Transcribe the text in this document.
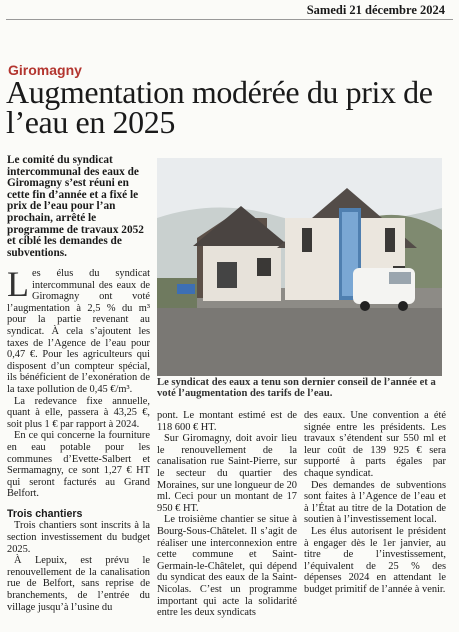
Samedi 21 décembre 2024
Giromagny
Augmentation modérée du prix de l’eau en 2025

Le comité du syndicat intercommunal des eaux de Giromagny s’est réuni en cette fin d’année et a fixé le prix de l’eau pour l’an prochain, arrêté le programme de travaux 2052 et ciblé les demandes de subventions.

Le syndicat des eaux a tenu son dernier conseil de l’année et a voté l’augmentation des tarifs de l’eau.

Les élus du syndicat intercommunal des eaux de Giromagny ont voté l’augmentation à 2,5 % du m³ pour la partie revenant au syndicat. À cela s’ajoutent les taxes de l’Agence de l’eau pour 0,47 €. Pour les agriculteurs qui disposent d’un compteur spécial, ils bénéficient de l’exonération de la taxe pollution de 0,45 €/m³.

La redevance fixe annuelle, quant à elle, passera à 43,25 €, soit plus 1 € par rapport à 2024.

En ce qui concerne la fourniture en eau potable pour les communes d’Evette-Salbert et Sermamagny, ce sont 1,27 € HT qui seront facturés au Grand Belfort.

Trois chantiers

Trois chantiers sont inscrits à la section investissement du budget 2025.

À Lepuix, est prévu le renouvellement de la canalisation rue de Belfort, sans reprise de branchements, de l’entrée du village jusqu’à l’usine du

pont. Le montant estimé est de 118 600 € HT.

Sur Giromagny, doit avoir lieu le renouvellement de la canalisation rue Saint-Pierre, sur le secteur du quartier des Moraines, sur une longueur de 20 ml. Ceci pour un montant de 17 950 € HT.

Le troisième chantier se situe à Bourg-Sous-Châtelet. Il s’agit de réaliser une interconnexion entre cette commune et Saint-Germain-le-Châtelet, qui dépend du syndicat des eaux de la Saint-Nicolas. C’est un programme important qui acte la solidarité entre les deux syndicats

des eaux. Une convention a été signée entre les présidents. Les travaux s’étendent sur 550 ml et leur coût de 139 925 € sera supporté à parts égales par chaque syndicat.

Des demandes de subventions sont faites à l’Agence de l’eau et à l’État au titre de la Dotation de soutien à l’investissement local.

Les élus autorisent le président à engager dès le 1er janvier, au titre de l’investissement, l’équivalent de 25 % des dépenses 2024 en attendant le budget primitif de l’année à venir.
